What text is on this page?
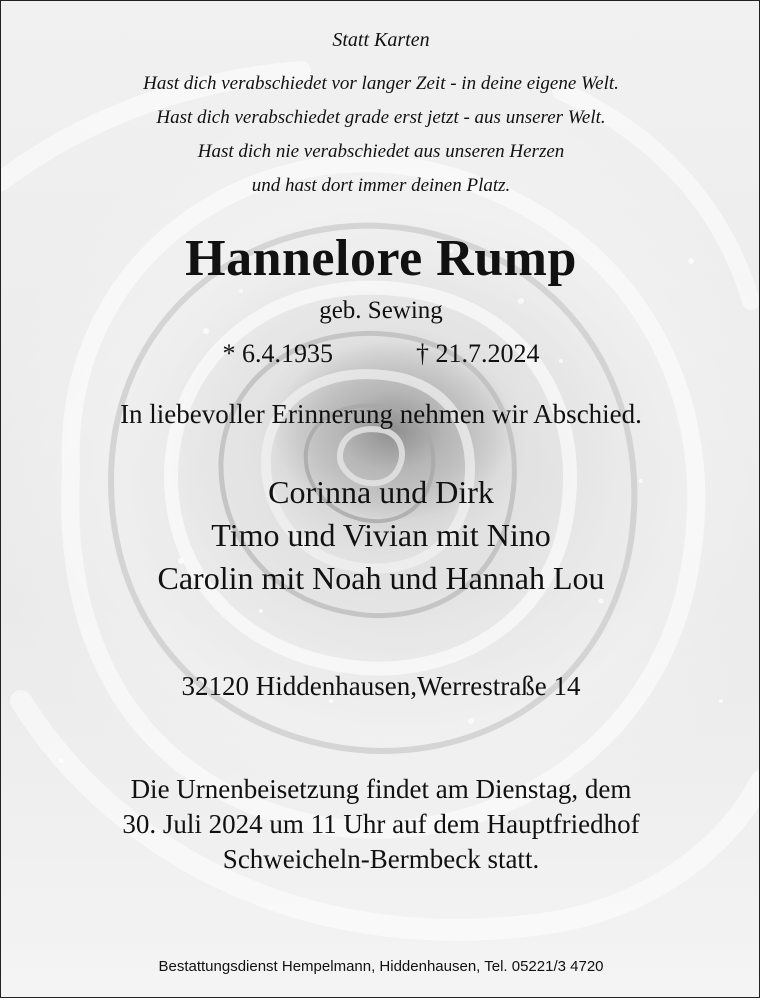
Statt Karten
Hast dich verabschiedet vor langer Zeit - in deine eigene Welt.
Hast dich verabschiedet grade erst jetzt - aus unserer Welt.
Hast dich nie verabschiedet aus unseren Herzen
und hast dort immer deinen Platz.
Hannelore Rump
geb. Sewing
* 6.4.1935	† 21.7.2024
In liebevoller Erinnerung nehmen wir Abschied.
Corinna und Dirk
Timo und Vivian mit Nino
Carolin mit Noah und Hannah Lou
32120 Hiddenhausen,Werrestraße 14
Die Urnenbeisetzung findet am Dienstag, dem
30. Juli 2024 um 11 Uhr auf dem Hauptfriedhof
Schweicheln-Bermbeck statt.
Bestattungsdienst Hempelmann, Hiddenhausen, Tel. 05221/3 4720
